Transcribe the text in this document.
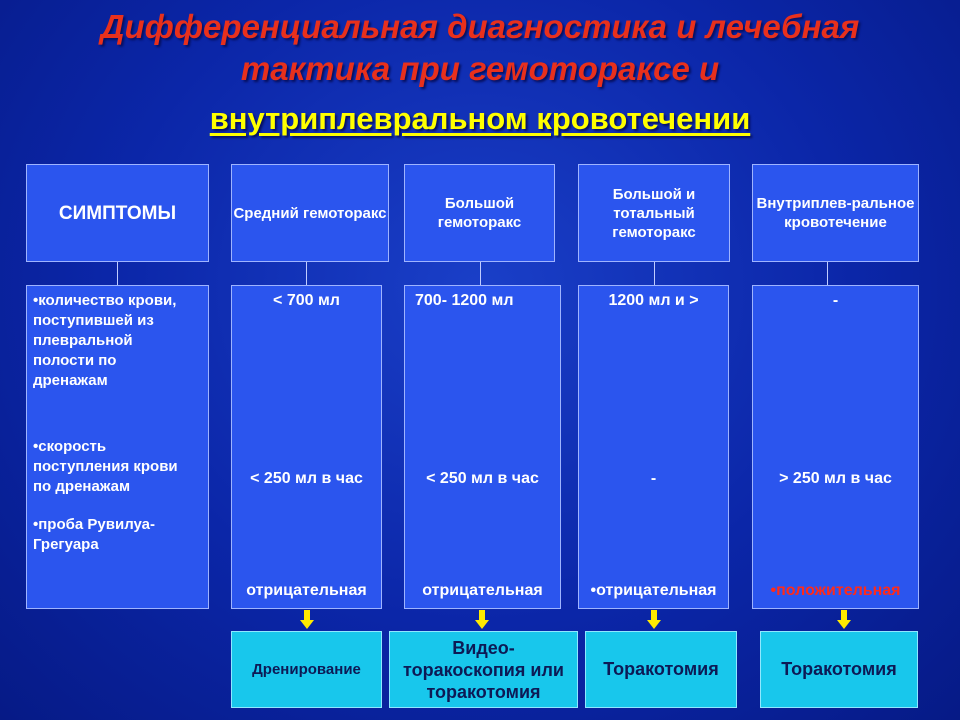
Дифференциальная диагностика и лечебная
тактика при гемотораксе и
внутриплевральном кровотечении
СИМПТОМЫ	Средний гемоторакс
Большой гемоторакс
Большой и тотальный гемоторакс
Внутриплев-ральное кровотечение

•количество крови, поступившей из плевральной полости по дренажам

•скорость поступления крови по дренажам

•проба Рувилуа-Грегуара

< 700 мл
< 250 мл в час
отрицательная
700- 1200 мл
< 250 мл в час
отрицательная
1200 мл и >
-
•отрицательная
-
> 250 мл в час
•положительная
Дренирование
Видео-торакоскопия или торакотомия
Торакотомия	Торакотомия
